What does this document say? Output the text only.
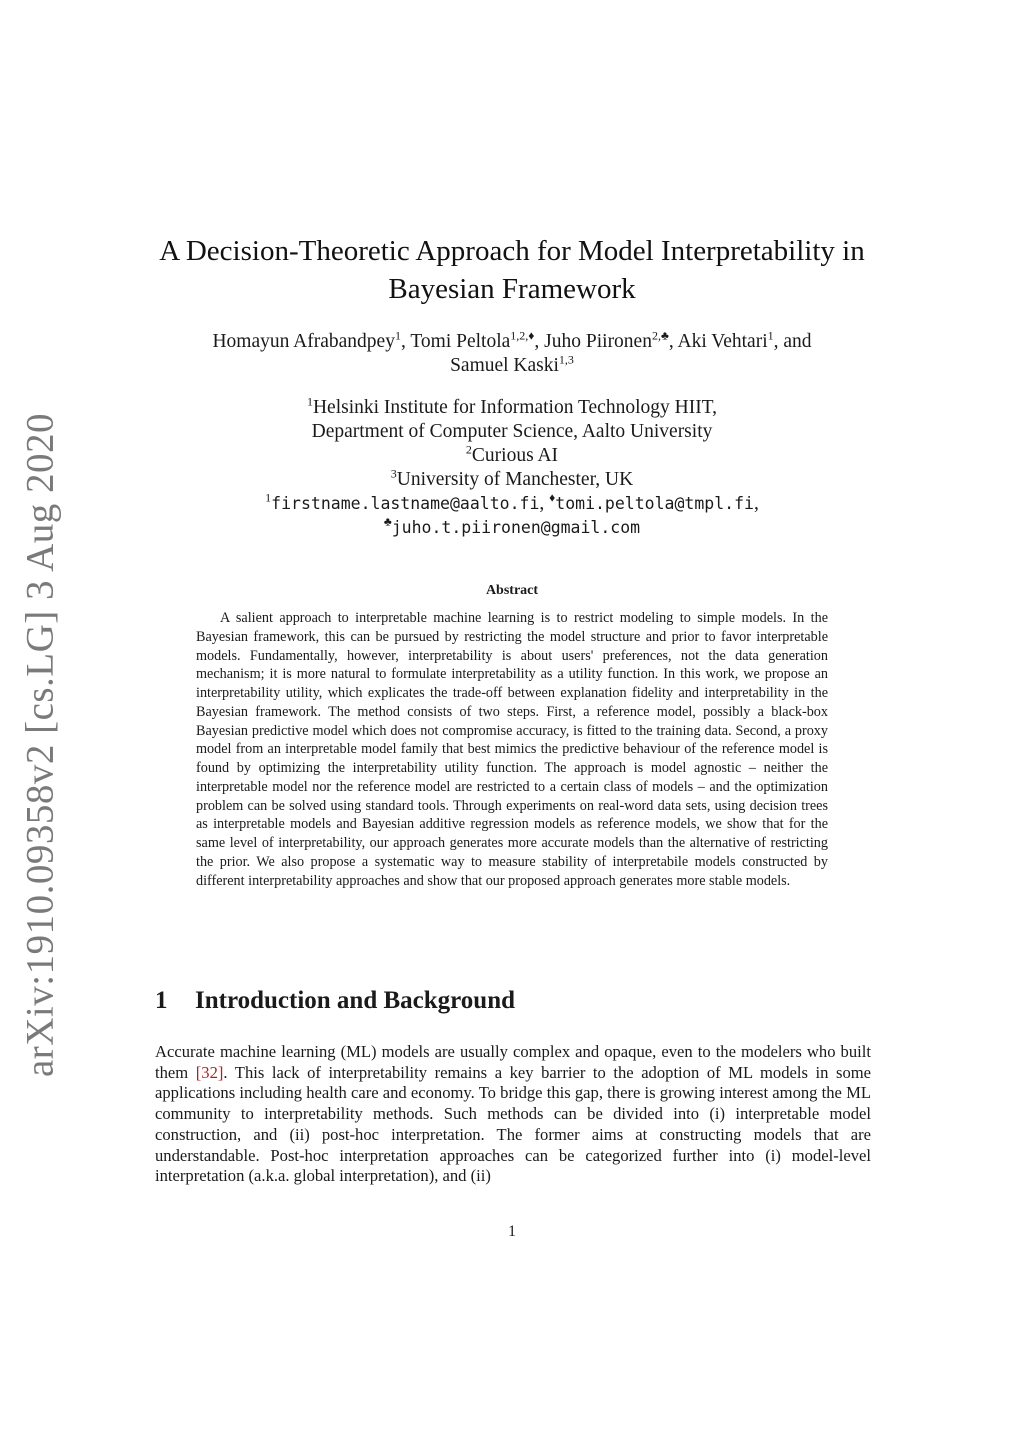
arXiv:1910.09358v2 [cs.LG] 3 Aug 2020
A Decision-Theoretic Approach for Model Interpretability in
Bayesian Framework
Homayun Afrabandpey$^1$, Tomi Peltola$^{1,2,♦}$, Juho Piironen$^{2,♣}$, Aki Vehtari$^1$, and
Samuel Kaski$^{1,3}$
$^1$Helsinki Institute for Information Technology HIIT,
Department of Computer Science, Aalto University
$^2$Curious AI
$^3$University of Manchester, UK
$^1$firstname.lastname@aalto.fi, ♦tomi.peltola@tmpl.fi,
♣juho.t.piironen@gmail.com
Abstract
A salient approach to interpretable machine learning is to restrict modeling to simple models. In the Bayesian framework, this can be pursued by restricting the model structure and prior to favor interpretable models. Fundamentally, however, interpretability is about users' preferences, not the data generation mechanism; it is more natural to formulate interpretability as a utility function. In this work, we propose an interpretability utility, which explicates the trade-off between explanation fidelity and interpretability in the Bayesian framework. The method consists of two steps. First, a reference model, possibly a black-box Bayesian predictive model which does not compromise accuracy, is fitted to the training data. Second, a proxy model from an interpretable model family that best mimics the predictive behaviour of the reference model is found by optimizing the interpretability utility function. The approach is model agnostic – neither the interpretable model nor the reference model are restricted to a certain class of models – and the optimization problem can be solved using standard tools. Through experiments on real-word data sets, using decision trees as interpretable models and Bayesian additive regression models as reference models, we show that for the same level of interpretability, our approach generates more accurate models than the alternative of restricting the prior. We also propose a systematic way to measure stability of interpretabile models constructed by different interpretability approaches and show that our proposed approach generates more stable models.
1 Introduction and Background
Accurate machine learning (ML) models are usually complex and opaque, even to the modelers who built them [32]. This lack of interpretability remains a key barrier to the adoption of ML models in some applications including health care and economy. To bridge this gap, there is growing interest among the ML community to interpretability methods. Such methods can be divided into (i) interpretable model construction, and (ii) post-hoc interpretation. The former aims at constructing models that are understandable. Post-hoc interpretation approaches can be categorized further into (i) model-level interpretation (a.k.a. global interpretation), and (ii)
1
